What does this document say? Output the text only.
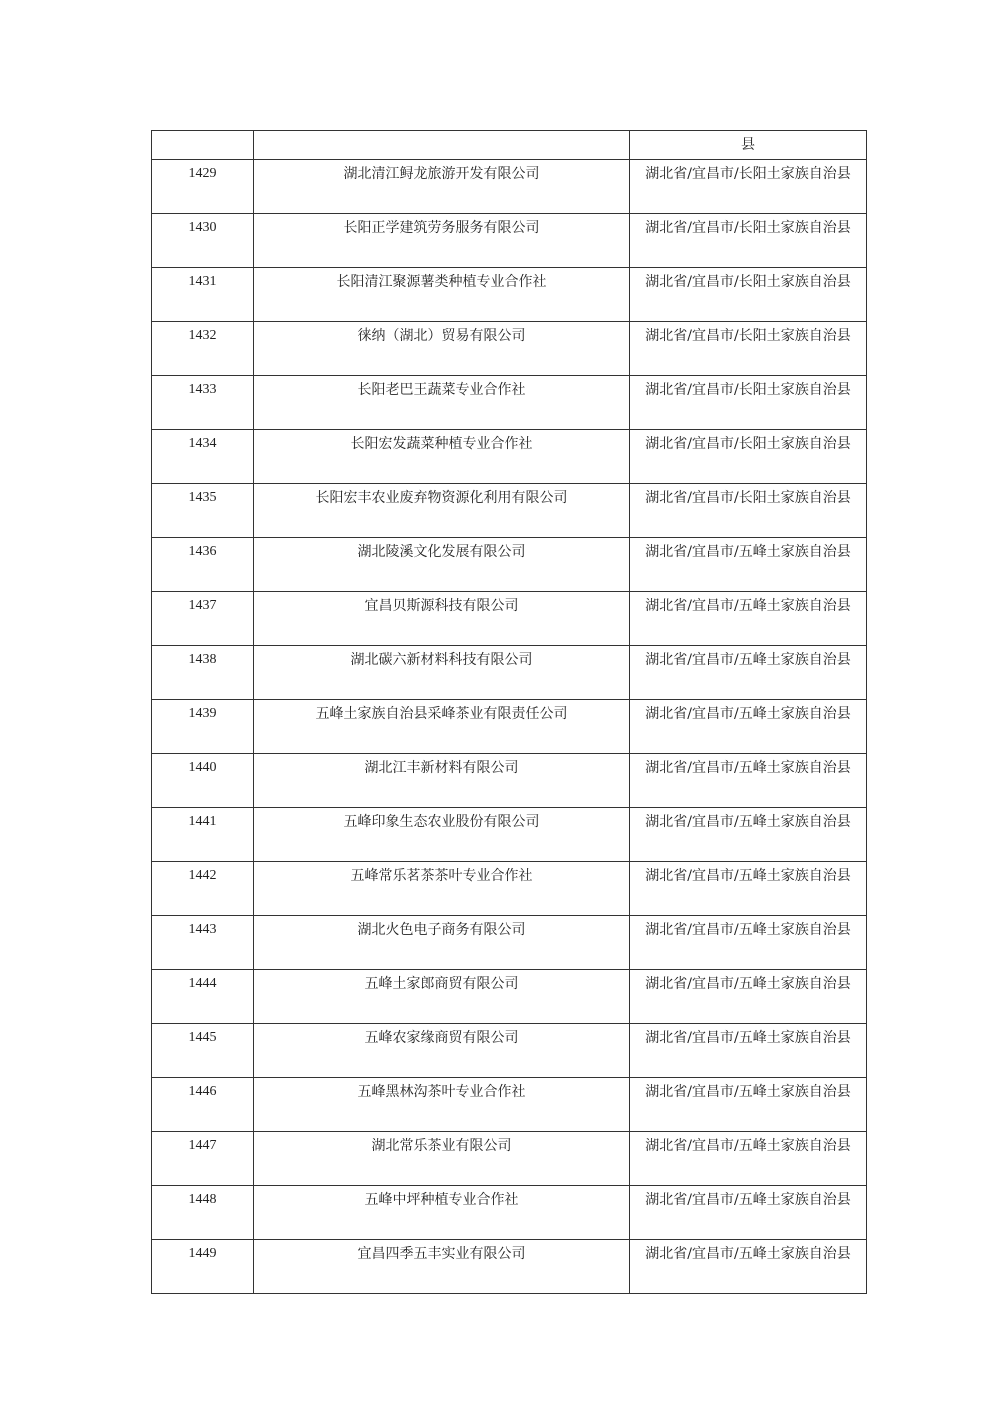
		县
1429	湖北清江鲟龙旅游开发有限公司	湖北省/宜昌市/长阳土家族自治县
1430	长阳正学建筑劳务服务有限公司	湖北省/宜昌市/长阳土家族自治县
1431	长阳清江聚源薯类种植专业合作社	湖北省/宜昌市/长阳土家族自治县
1432	徕纳（湖北）贸易有限公司	湖北省/宜昌市/长阳土家族自治县
1433	长阳老巴王蔬菜专业合作社	湖北省/宜昌市/长阳土家族自治县
1434	长阳宏发蔬菜种植专业合作社	湖北省/宜昌市/长阳土家族自治县
1435	长阳宏丰农业废弃物资源化利用有限公司	湖北省/宜昌市/长阳土家族自治县
1436	湖北陵溪文化发展有限公司	湖北省/宜昌市/五峰土家族自治县
1437	宜昌贝斯源科技有限公司	湖北省/宜昌市/五峰土家族自治县
1438	湖北碳六新材料科技有限公司	湖北省/宜昌市/五峰土家族自治县
1439	五峰土家族自治县采峰茶业有限责任公司	湖北省/宜昌市/五峰土家族自治县
1440	湖北江丰新材料有限公司	湖北省/宜昌市/五峰土家族自治县
1441	五峰印象生态农业股份有限公司	湖北省/宜昌市/五峰土家族自治县
1442	五峰常乐茗茶茶叶专业合作社	湖北省/宜昌市/五峰土家族自治县
1443	湖北火色电子商务有限公司	湖北省/宜昌市/五峰土家族自治县
1444	五峰土家郎商贸有限公司	湖北省/宜昌市/五峰土家族自治县
1445	五峰农家缘商贸有限公司	湖北省/宜昌市/五峰土家族自治县
1446	五峰黑林沟茶叶专业合作社	湖北省/宜昌市/五峰土家族自治县
1447	湖北常乐茶业有限公司	湖北省/宜昌市/五峰土家族自治县
1448	五峰中坪种植专业合作社	湖北省/宜昌市/五峰土家族自治县
1449	宜昌四季五丰实业有限公司	湖北省/宜昌市/五峰土家族自治县
